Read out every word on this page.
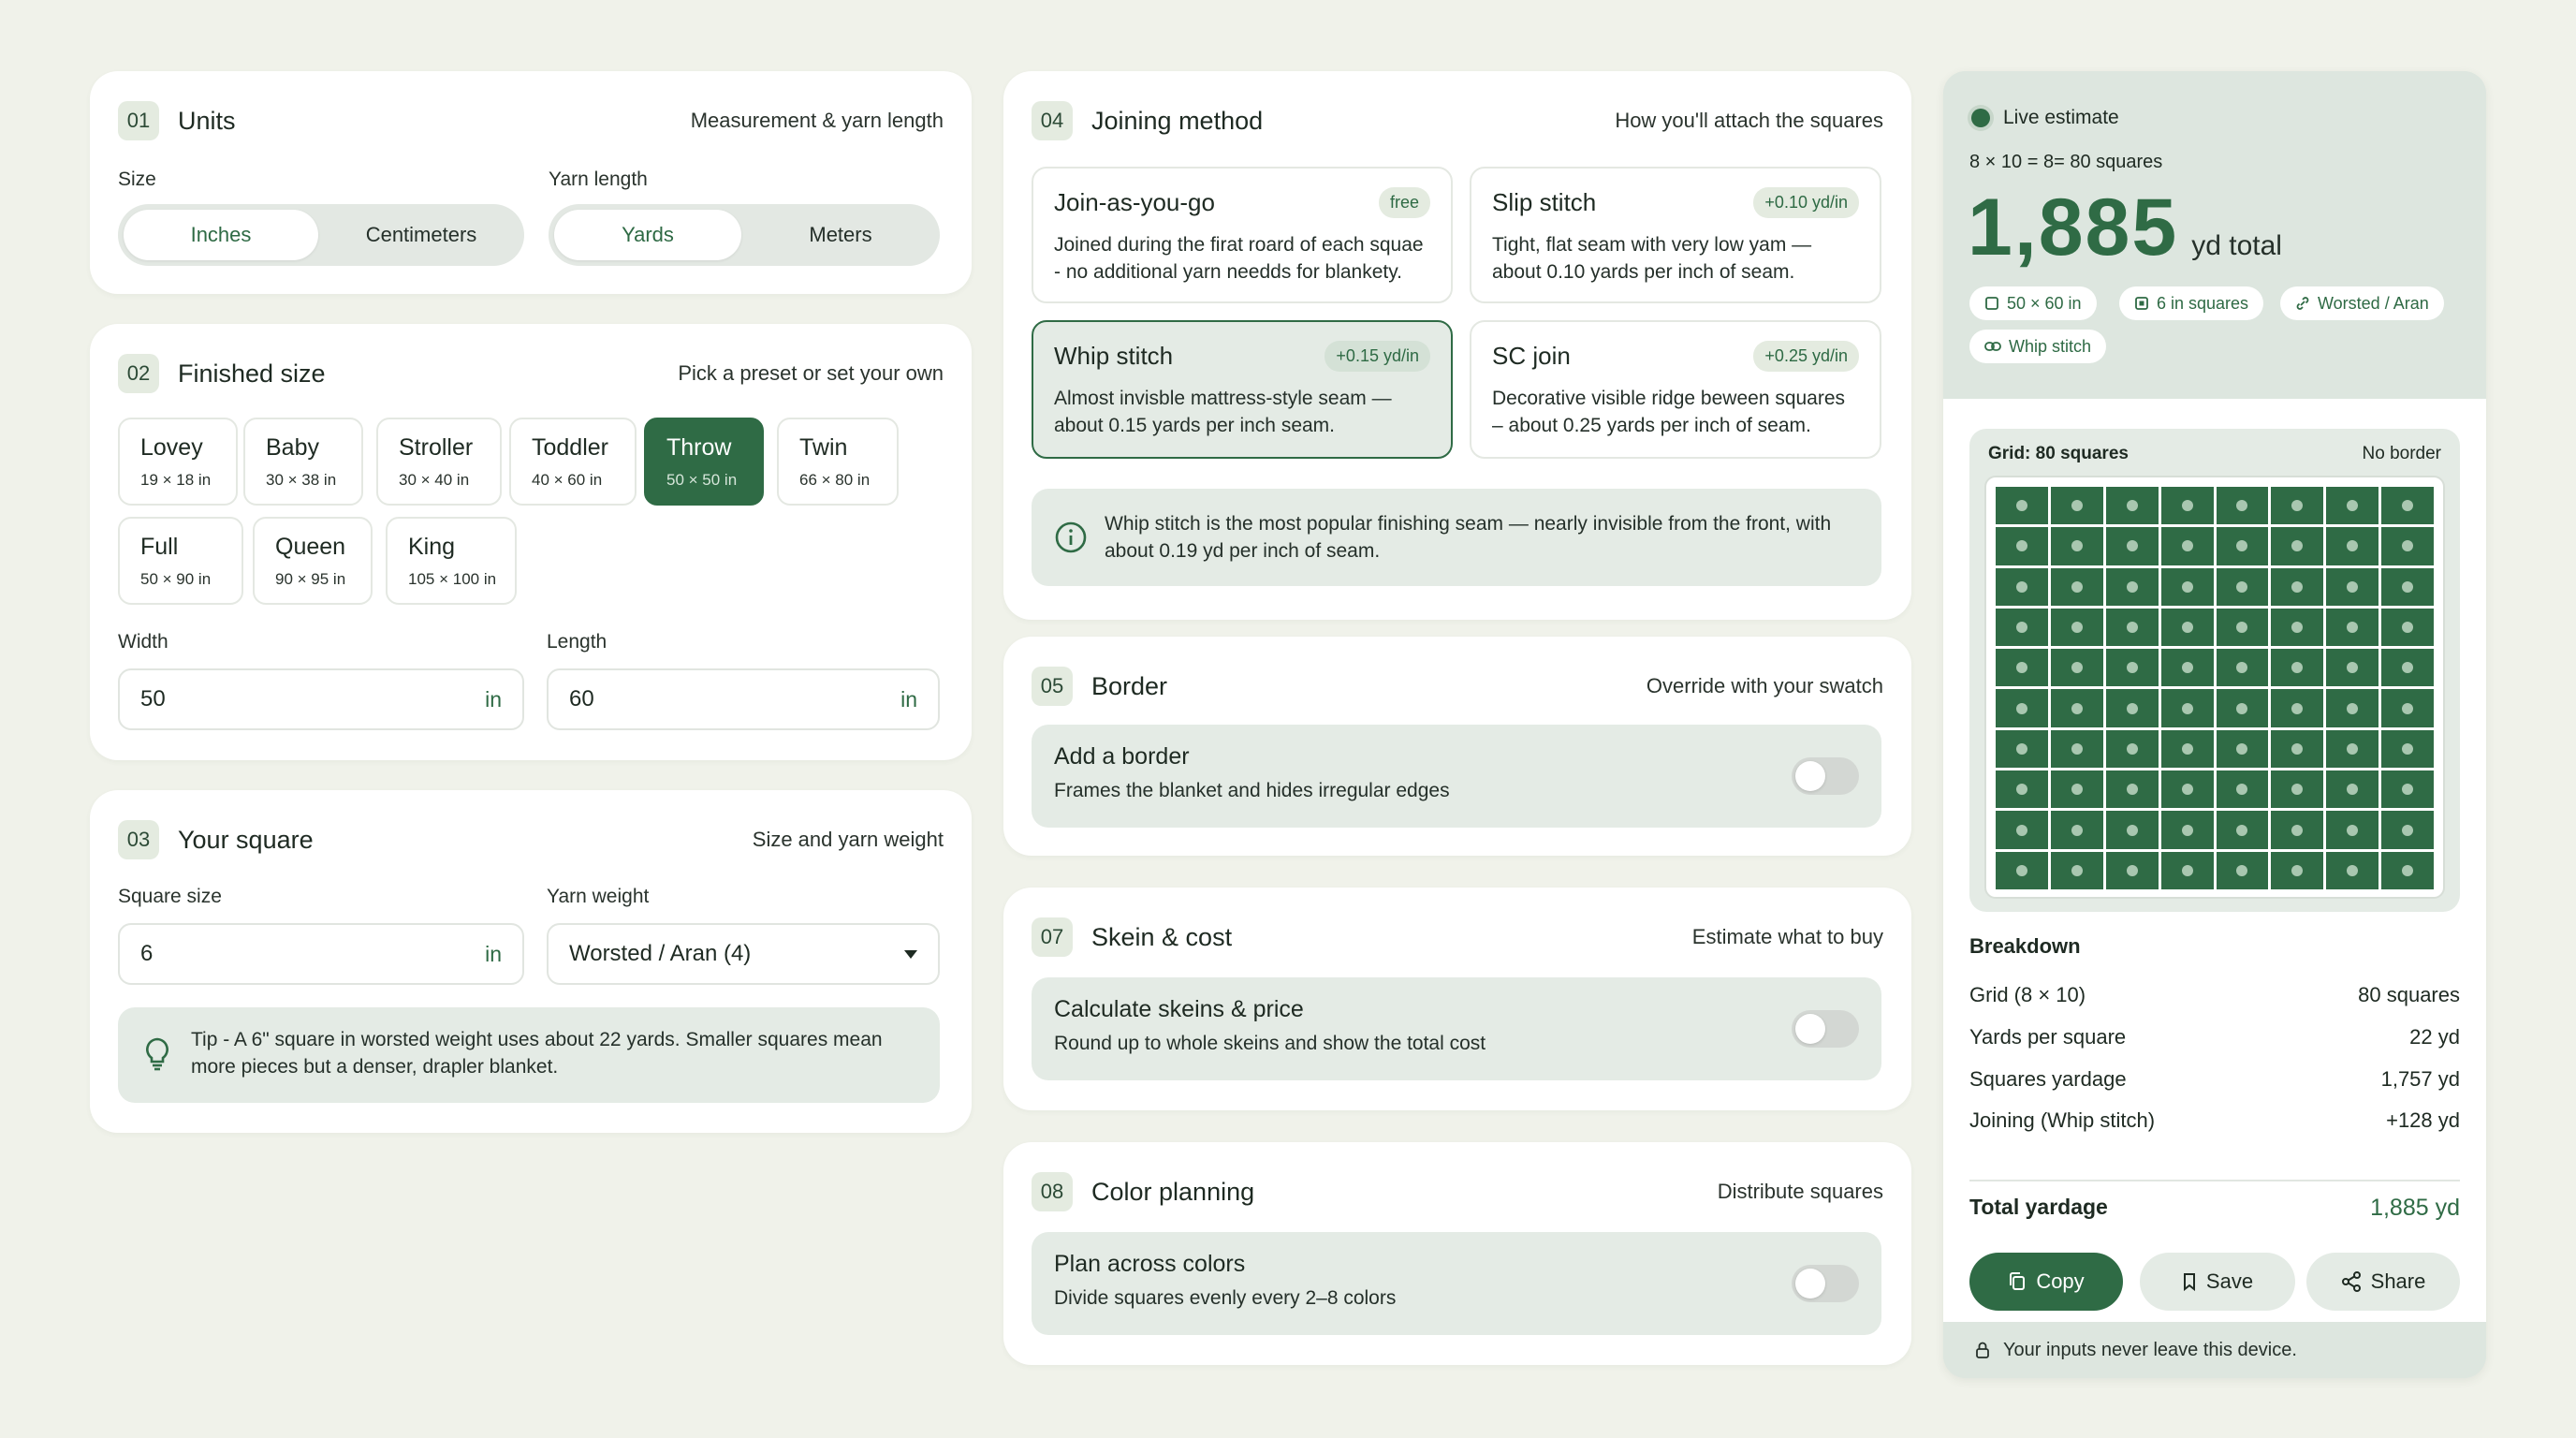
01	Units	Measurement & yarn length
Size
Inches	Centimeters
Yarn length
Yards	Meters
02	Finished size	Pick a preset or set your own
Lovey
19 × 18 in
Baby
30 × 38 in
Stroller
30 × 40 in
Toddler
40 × 60 in
Throw
50 × 50 in
Twin
66 × 80 in
Full
50 × 90 in
Queen
90 × 95 in
King
105 × 100 in
Width
50	in
Length
60	in
03	Your square	Size and yarn weight
Square size
6	in
Yarn weight
Worsted / Aran (4)
Tip - A 6" square in worsted weight uses about 22 yards. Smaller squares mean more pieces but a denser, drapler blanket.
04	Joining method	How you'll attach the squares
Join-as-you-go	free
Joined during the firat roard of each squae - no additional yarn needds for blankety.
Slip stitch	+0.10 yd/in
Tight, flat seam with very low yam — about 0.10 yards per inch of seam.
Whip stitch	+0.15 yd/in
Almost invisble mattress-style seam — about 0.15 yards per inch seam.
SC join	+0.25 yd/in
Decorative visible ridge beween squares – about 0.25 yards per inch of seam.
Whip stitch is the most popular finishing seam — nearly invisible from the front, with about 0.19 yd per inch of seam.
05	Border	Override with your swatch
Add a border
Frames the blanket and hides irregular edges
07	Skein & cost	Estimate what to buy
Calculate skeins & price
Round up to whole skeins and show the total cost
08	Color planning	Distribute squares
Plan across colors
Divide squares evenly every 2–8 colors
Live estimate
8 × 10 = 8= 80 squares
1,885 yd total
50 × 60 in	6 in squares	Worsted / Aran
Whip stitch
Grid: 80 squares	No border
Breakdown
Grid (8 × 10)	80 squares
Yards per square	22 yd
Squares yardage	1,757 yd
Joining (Whip stitch)	+128 yd
Total yardage	1,885 yd
Copy	Save	Share
Your inputs never leave this device.
